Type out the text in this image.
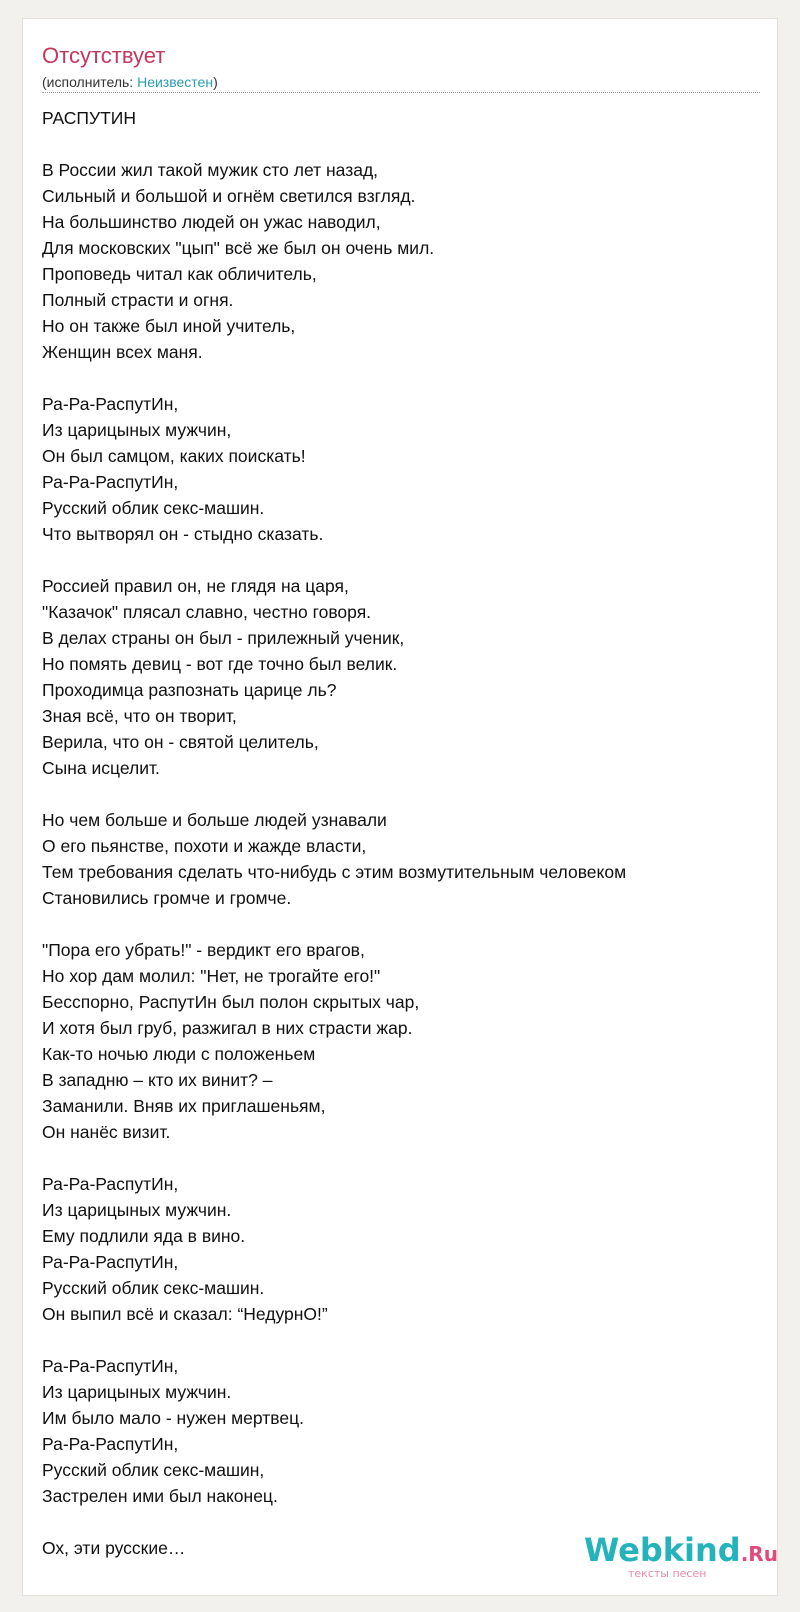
Отсутствует
(исполнитель: Неизвестен)
РАСПУТИН
В России жил такой мужик сто лет назад,
Сильный и большой и огнём светился взгляд.
На большинство людей он ужас наводил,
Для московских "цып" всё же был он очень мил.
Проповедь читал как обличитель,
Полный страсти и огня.
Но он также был иной учитель,
Женщин всех маня.
Ра-Ра-РаспутИн,
Из царицыных мужчин,
Он был самцом, каких поискать!
Ра-Ра-РаспутИн,
Русский облик секс-машин.
Что вытворял он - стыдно сказать.
Россией правил он, не глядя на царя,
"Казачок" плясал славно, честно говоря.
В делах страны он был - прилежный ученик,
Но помять девиц - вот где точно был велик.
Проходимца разпознать царице ль?
Зная всё, что он творит,
Верила, что он - святой целитель,
Сына исцелит.
Но чем больше и больше людей узнавали
О его пьянстве, похоти и жажде власти,
Тем требования сделать что-нибудь с этим возмутительным человеком
Становились громче и громче.
"Пора его убрать!" - вердикт его врагов,
Но хор дам молил: "Нет, не трогайте его!"
Бесспорно, РаспутИн был полон скрытых чар,
И хотя был груб, разжигал в них страсти жар.
Как-то ночью люди с положеньем
В западню – кто их винит? –
Заманили. Вняв их приглашеньям,
Он нанёс визит.
Ра-Ра-РаспутИн,
Из царицыных мужчин.
Ему подлили яда в вино.
Ра-Ра-РаспутИн,
Русский облик секс-машин.
Он выпил всё и сказал: “НедурнО!”
Ра-Ра-РаспутИн,
Из царицыных мужчин.
Им было мало - нужен мертвец.
Ра-Ра-РаспутИн,
Русский облик секс-машин,
Застрелен ими был наконец.
Ох, эти русские…	Webkind.Ru
тексты песен
